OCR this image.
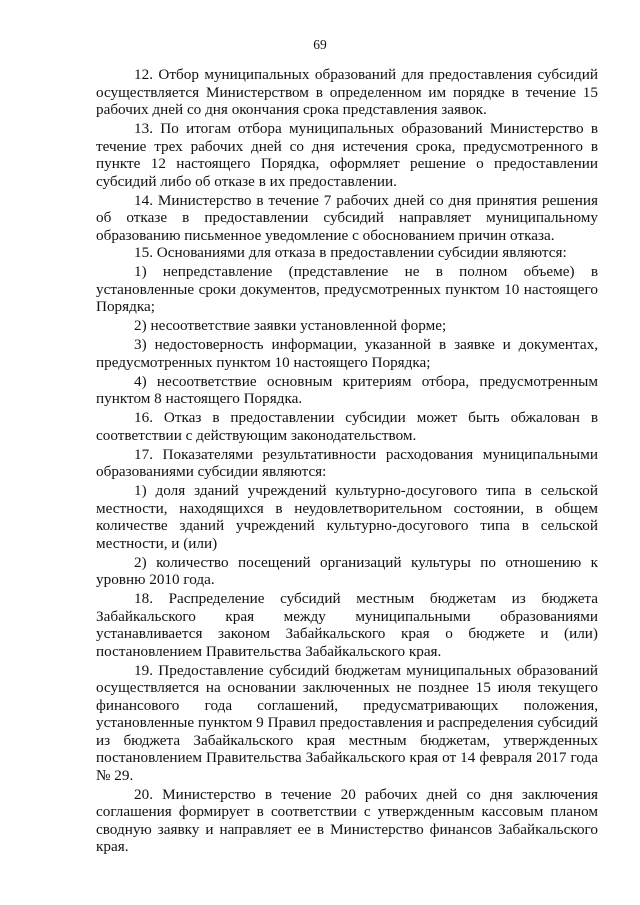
69

12. Отбор муниципальных образований для предоставления субсидий осуществляется Министерством в определенном им порядке в течение 15 рабочих дней со дня окончания срока представления заявок.

13. По итогам отбора муниципальных образований Министерство в течение трех рабочих дней со дня истечения срока, предусмотренного в пункте 12 настоящего Порядка, оформляет решение о предоставлении субсидий либо об отказе в их предоставлении.

14. Министерство в течение 7 рабочих дней со дня принятия решения об отказе в предоставлении субсидий направляет муниципальному образованию письменное уведомление с обоснованием причин отказа.

15. Основаниями для отказа в предоставлении субсидии являются:

1) непредставление (представление не в полном объеме) в установленные сроки документов, предусмотренных пунктом 10 настоящего Порядка;

2) несоответствие заявки установленной форме;

3) недостоверность информации, указанной в заявке и документах, предусмотренных пунктом 10 настоящего Порядка;

4) несоответствие основным критериям отбора, предусмотренным пунктом 8 настоящего Порядка.

16. Отказ в предоставлении субсидии может быть обжалован в соответствии с действующим законодательством.

17. Показателями результативности расходования муниципальными образованиями субсидии являются:

1) доля зданий учреждений культурно-досугового типа в сельской местности, находящихся в неудовлетворительном состоянии, в общем количестве зданий учреждений культурно-досугового типа в сельской местности, и (или)

2) количество посещений организаций культуры по отношению к уровню 2010 года.

18. Распределение субсидий местным бюджетам из бюджета Забайкальского края между муниципальными образованиями устанавливается законом Забайкальского края о бюджете и (или) постановлением Правительства Забайкальского края.

19. Предоставление субсидий бюджетам муниципальных образований осуществляется на основании заключенных не позднее 15 июля текущего финансового года соглашений, предусматривающих положения, установленные пунктом 9 Правил предоставления и распределения субсидий из бюджета Забайкальского края местным бюджетам, утвержденных постановлением Правительства Забайкальского края от 14 февраля 2017 года № 29.

20. Министерство в течение 20 рабочих дней со дня заключения соглашения формирует в соответствии с утвержденным кассовым планом сводную заявку и направляет ее в Министерство финансов Забайкальского края.
